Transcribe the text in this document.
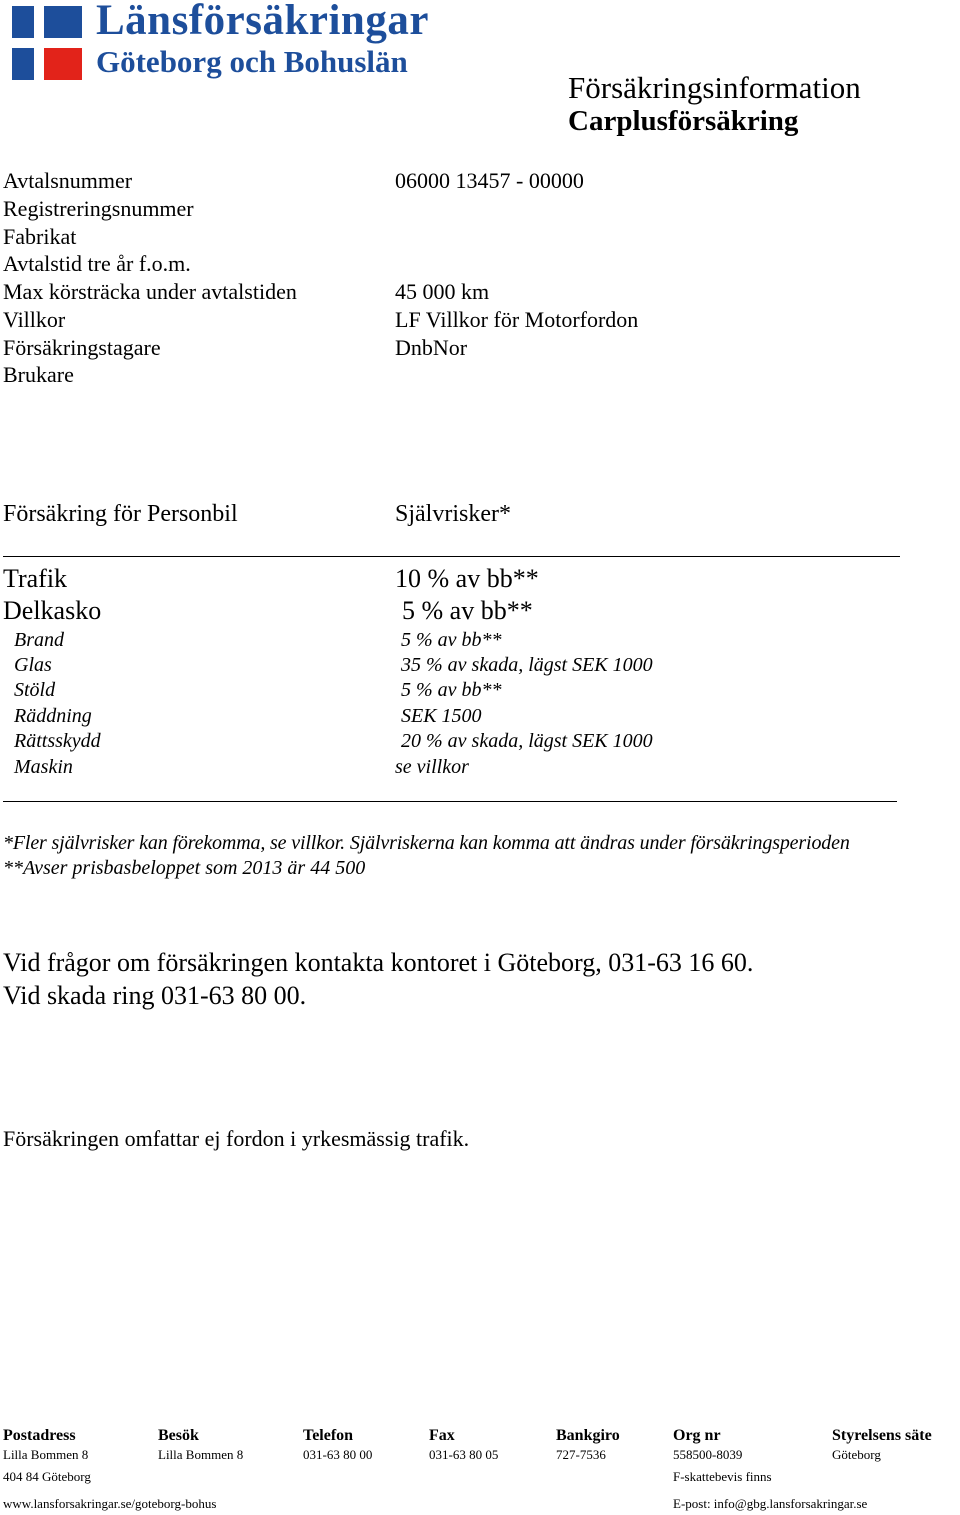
Länsförsäkringar
Göteborg och Bohuslän
Försäkringsinformation
Carplusförsäkring
Avtalsnummer	06000 13457 - 00000
Registreringsnummer
Fabrikat
Avtalstid tre år f.o.m.
Max körsträcka under avtalstiden	45 000 km
Villkor	LF Villkor för Motorfordon
Försäkringstagare	DnbNor
Brukare
Försäkring för Personbil	Självrisker*
Trafik	10 % av bb**
Delkasko	5 % av bb**
Brand	5 % av bb**
Glas	35 % av skada, lägst SEK 1000
Stöld	5 % av bb**
Räddning	SEK 1500
Rättsskydd	20 % av skada, lägst SEK 1000
Maskin	se villkor
*Fler självrisker kan förekomma, se villkor. Självriskerna kan komma att ändras under försäkringsperioden
**Avser prisbasbeloppet som 2013 är 44 500
Vid frågor om försäkringen kontakta kontoret i Göteborg, 031-63 16 60.
Vid skada ring 031-63 80 00.
Försäkringen omfattar ej fordon i yrkesmässig trafik.
Postadress
Lilla Bommen 8
404 84 Göteborg
Besök
Lilla Bommen 8
Telefon
031-63 80 00
Fax
031-63 80 05
Bankgiro
727-7536
Org nr
558500-8039
F-skattebevis finns
Styrelsens säte
Göteborg
www.lansforsakringar.se/goteborg-bohus	E-post: info@gbg.lansforsakringar.se
